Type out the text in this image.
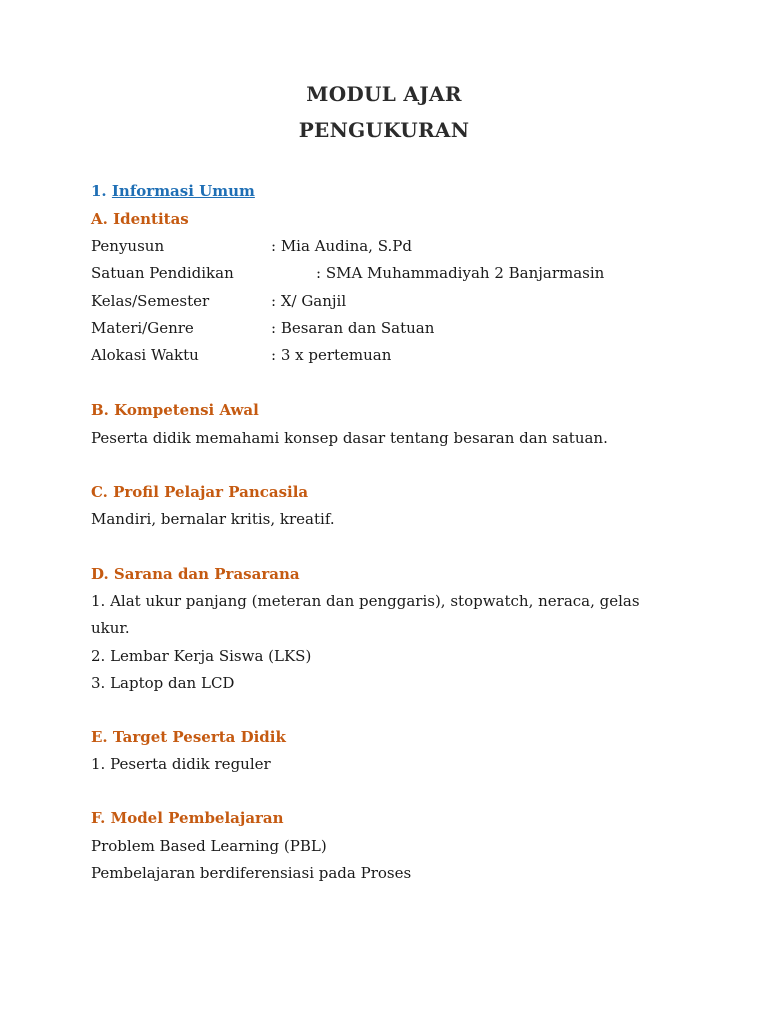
MODUL AJAR
PENGUKURAN
1. Informasi Umum
A. Identitas
Penyusun	: Mia Audina, S.Pd
Satuan Pendidikan	: SMA Muhammadiyah 2 Banjarmasin
Kelas/Semester	: X/ Ganjil
Materi/Genre	: Besaran dan Satuan
Alokasi Waktu	: 3 x pertemuan
B. Kompetensi Awal
Peserta didik memahami konsep dasar tentang besaran dan satuan.
C. Profil Pelajar Pancasila
Mandiri, bernalar kritis, kreatif.
D. Sarana dan Prasarana
1. Alat ukur panjang (meteran dan penggaris), stopwatch, neraca, gelas
ukur.
2. Lembar Kerja Siswa (LKS)
3. Laptop dan LCD
E. Target Peserta Didik
1. Peserta didik reguler
F. Model Pembelajaran
Problem Based Learning (PBL)
Pembelajaran berdiferensiasi pada Proses
